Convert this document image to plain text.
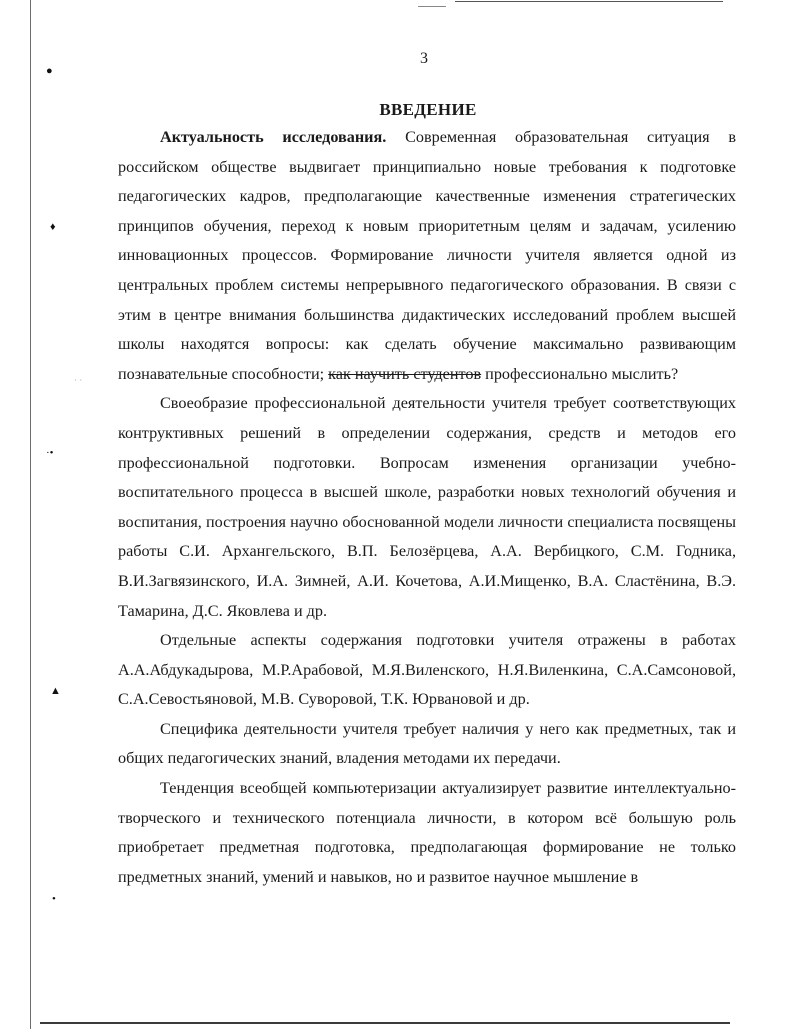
●
♦
·•
▲
•
· ·
3
ВВЕДЕНИЕ

Актуальность исследования. Современная образовательная ситуация в российском обществе выдвигает принципиально новые требования к подготовке педагогических кадров, предполагающие качественные изменения стратегических принципов обучения, переход к новым приоритетным целям и задачам, усилению инновационных процессов. Формирование личности учителя является одной из центральных проблем системы непрерывного педагогического образования. В связи с этим в центре внимания большинства дидактических исследований проблем высшей школы находятся вопросы: как сделать обучение максимально развивающим познавательные способности; как научить студентов профессионально мыслить?

Своеобразие профессиональной деятельности учителя требует соответствующих контруктивных решений в определении содержания, средств и методов его профессиональной подготовки. Вопросам изменения организации учебно-воспитательного процесса в высшей школе, разработки новых технологий обучения и воспитания, построения научно обоснованной модели личности специалиста посвящены работы С.И. Архангельского, В.П. Белозёрцева, А.А. Вербицкого, С.М. Годника, В.И.Загвязинского, И.А. Зимней, А.И. Кочетова, А.И.Мищенко, В.А. Сластёнина, В.Э. Тамарина, Д.С. Яковлева и др.

Отдельные аспекты содержания подготовки учителя отражены в работах А.А.Абдукадырова, М.Р.Арабовой, М.Я.Виленского, Н.Я.Виленкина, С.А.Самсоновой, С.А.Севостьяновой, М.В. Суворовой, Т.К. Юрвановой и др.

Специфика деятельности учителя требует наличия у него как предметных, так и общих педагогических знаний, владения методами их передачи.

Тенденция всеобщей компьютеризации актуализирует развитие интеллектуально-творческого и технического потенциала личности, в котором всё большую роль приобретает предметная подготовка, предполагающая формирование не только предметных знаний, умений и навыков, но и развитое научное мышление в
